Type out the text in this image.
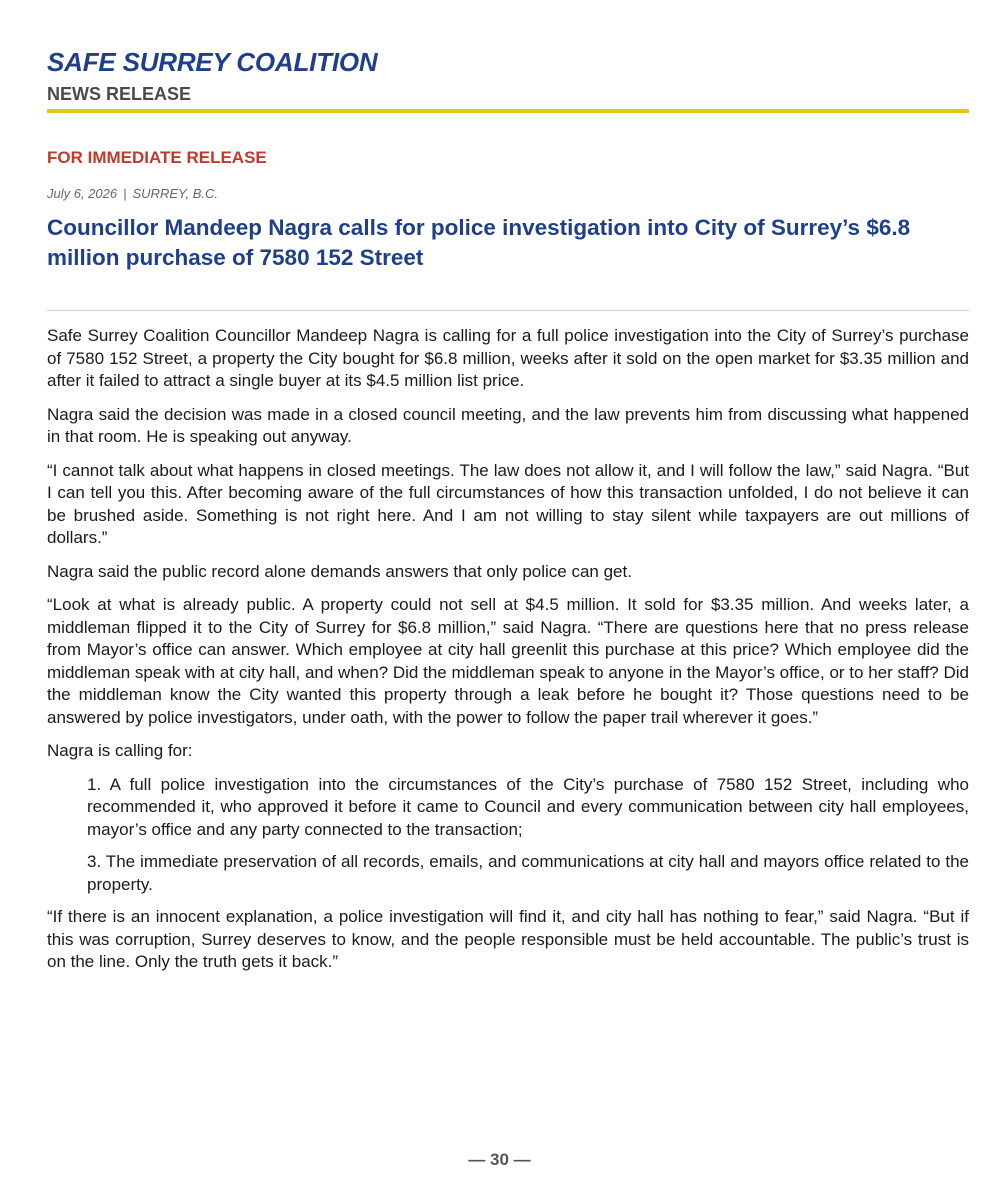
SAFE SURREY COALITION
NEWS RELEASE
FOR IMMEDIATE RELEASE
July 6, 2026 | SURREY, B.C.
Councillor Mandeep Nagra calls for police investigation into City of Surrey’s $6.8 million purchase of 7580 152 Street

Safe Surrey Coalition Councillor Mandeep Nagra is calling for a full police investigation into the City of Surrey’s purchase of 7580 152 Street, a property the City bought for $6.8 million, weeks after it sold on the open market for $3.35 million and after it failed to attract a single buyer at its $4.5 million list price.

Nagra said the decision was made in a closed council meeting, and the law prevents him from discussing what happened in that room. He is speaking out anyway.

“I cannot talk about what happens in closed meetings. The law does not allow it, and I will follow the law,” said Nagra. “But I can tell you this. After becoming aware of the full circumstances of how this transaction unfolded, I do not believe it can be brushed aside. Something is not right here. And I am not willing to stay silent while taxpayers are out millions of dollars.”

Nagra said the public record alone demands answers that only police can get.

“Look at what is already public. A property could not sell at $4.5 million. It sold for $3.35 million. And weeks later, a middleman flipped it to the City of Surrey for $6.8 million,” said Nagra. “There are questions here that no press release from Mayor’s office can answer. Which employee at city hall greenlit this purchase at this price? Which employee did the middleman speak with at city hall, and when? Did the middleman speak to anyone in the Mayor’s office, or to her staff? Did the middleman know the City wanted this property through a leak before he bought it? Those questions need to be answered by police investigators, under oath, with the power to follow the paper trail wherever it goes.”

Nagra is calling for:

1. A full police investigation into the circumstances of the City’s purchase of 7580 152 Street, including who recommended it, who approved it before it came to Council and every communication between city hall employees, mayor’s office and any party connected to the transaction;
3. The immediate preservation of all records, emails, and communications at city hall and mayors office related to the property.

“If there is an innocent explanation, a police investigation will find it, and city hall has nothing to fear,” said Nagra. “But if this was corruption, Surrey deserves to know, and the people responsible must be held accountable. The public’s trust is on the line. Only the truth gets it back.”

— 30 —
